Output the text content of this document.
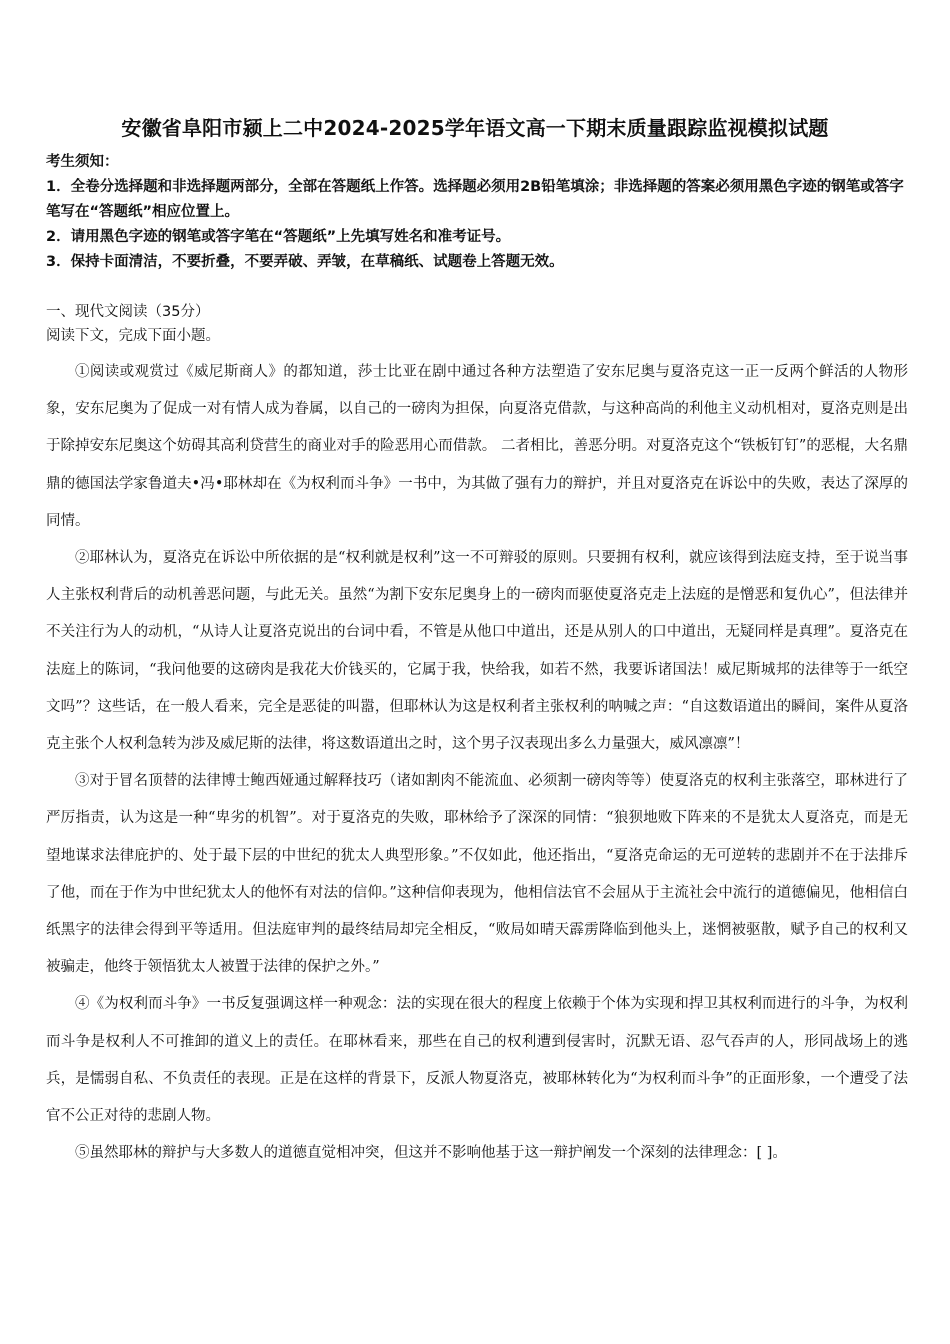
安徽省阜阳市颍上二中2024-2025学年语文高一下期末质量跟踪监视模拟试题
考生须知：
1．全卷分选择题和非选择题两部分，全部在答题纸上作答。选择题必须用2B铅笔填涂；非选择题的答案必须用黑色字迹的钢笔或答字笔写在“答题纸”相应位置上。
2．请用黑色字迹的钢笔或答字笔在“答题纸”上先填写姓名和准考证号。
3．保持卡面清洁，不要折叠，不要弄破、弄皱，在草稿纸、试题卷上答题无效。
一、现代文阅读（35分）
阅读下文，完成下面小题。

①阅读或观赏过《威尼斯商人》的都知道，莎士比亚在剧中通过各种方法塑造了安东尼奥与夏洛克这一正一反两个鲜活的人物形象，安东尼奥为了促成一对有情人成为眷属，以自己的一磅肉为担保，向夏洛克借款，与这种高尚的利他主义动机相对，夏洛克则是出于除掉安东尼奥这个妨碍其高利贷营生的商业对手的险恶用心而借款。 二者相比，善恶分明。对夏洛克这个“铁板钉钉”的恶棍，大名鼎鼎的德国法学家鲁道夫•冯•耶林却在《为权利而斗争》一书中，为其做了强有力的辩护，并且对夏洛克在诉讼中的失败，表达了深厚的同情。

②耶林认为，夏洛克在诉讼中所依据的是“权利就是权利”这一不可辩驳的原则。只要拥有权利，就应该得到法庭支持，至于说当事人主张权利背后的动机善恶问题，与此无关。虽然“为割下安东尼奥身上的一磅肉而驱使夏洛克走上法庭的是憎恶和复仇心”，但法律并不关注行为人的动机，“从诗人让夏洛克说出的台词中看，不管是从他口中道出，还是从别人的口中道出，无疑同样是真理”。夏洛克在法庭上的陈词，“我问他要的这磅肉是我花大价钱买的，它属于我，快给我，如若不然，我要诉诸国法！威尼斯城邦的法律等于一纸空文吗”？这些话，在一般人看来，完全是恶徒的叫嚣，但耶林认为这是权利者主张权利的呐喊之声：“自这数语道出的瞬间，案件从夏洛克主张个人权利急转为涉及威尼斯的法律，将这数语道出之时，这个男子汉表现出多么力量强大，威风凛凛”！

③对于冒名顶替的法律博士鲍西娅通过解释技巧（诸如割肉不能流血、必须割一磅肉等等）使夏洛克的权利主张落空，耶林进行了严厉指责，认为这是一种“卑劣的机智”。对于夏洛克的失败，耶林给予了深深的同情：“狼狈地败下阵来的不是犹太人夏洛克，而是无望地谋求法律庇护的、处于最下层的中世纪的犹太人典型形象。”不仅如此，他还指出，“夏洛克命运的无可逆转的悲剧并不在于法排斥了他，而在于作为中世纪犹太人的他怀有对法的信仰。”这种信仰表现为，他相信法官不会屈从于主流社会中流行的道德偏见，他相信白纸黑字的法律会得到平等适用。但法庭审判的最终结局却完全相反，“败局如晴天霹雳降临到他头上，迷惘被驱散，赋予自己的权利又被骗走，他终于领悟犹太人被置于法律的保护之外。”

④《为权利而斗争》一书反复强调这样一种观念：法的实现在很大的程度上依赖于个体为实现和捍卫其权利而进行的斗争，为权利而斗争是权利人不可推卸的道义上的责任。在耶林看来，那些在自己的权利遭到侵害时，沉默无语、忍气吞声的人，形同战场上的逃兵，是懦弱自私、不负责任的表现。正是在这样的背景下，反派人物夏洛克，被耶林转化为“为权利而斗争”的正面形象，一个遭受了法官不公正对待的悲剧人物。

⑤虽然耶林的辩护与大多数人的道德直觉相冲突，但这并不影响他基于这一辩护阐发一个深刻的法律理念：[ ]。
